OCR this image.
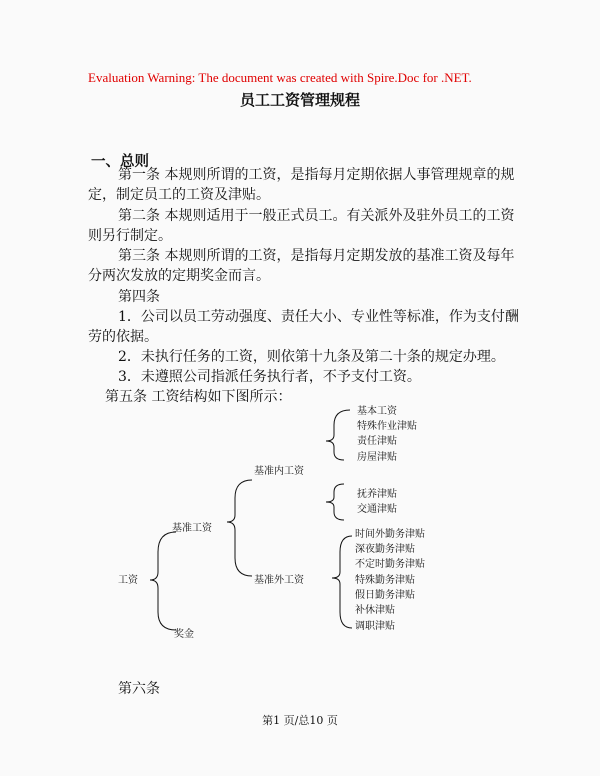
Evaluation Warning: The document was created with Spire.Doc for .NET.
员工工资管理规程
一、总则
第一条 本规则所谓的工资，是指每月定期依据人事管理规章的规
定，制定员工的工资及津贴。
第二条 本规则适用于一般正式员工。有关派外及驻外员工的工资
则另行制定。
第三条 本规则所谓的工资，是指每月定期发放的基准工资及每年
分两次发放的定期奖金而言。
第四条
1．公司以员工劳动强度、责任大小、专业性等标准，作为支付酬
劳的依据。
2．未执行任务的工资，则依第十九条及第二十条的规定办理。
3．未遵照公司指派任务执行者，不予支付工资。
第五条 工资结构如下图所示：
工资
基准工资
奖金
基准内工资
基准外工资
基本工资
特殊作业津贴
责任津贴
房屋津贴
抚养津贴
交通津贴
时间外勤务津贴
深夜勤务津贴
不定时勤务津贴
特殊勤务津贴
假日勤务津贴
补休津贴
调职津贴
第六条
第1 页/总10 页
